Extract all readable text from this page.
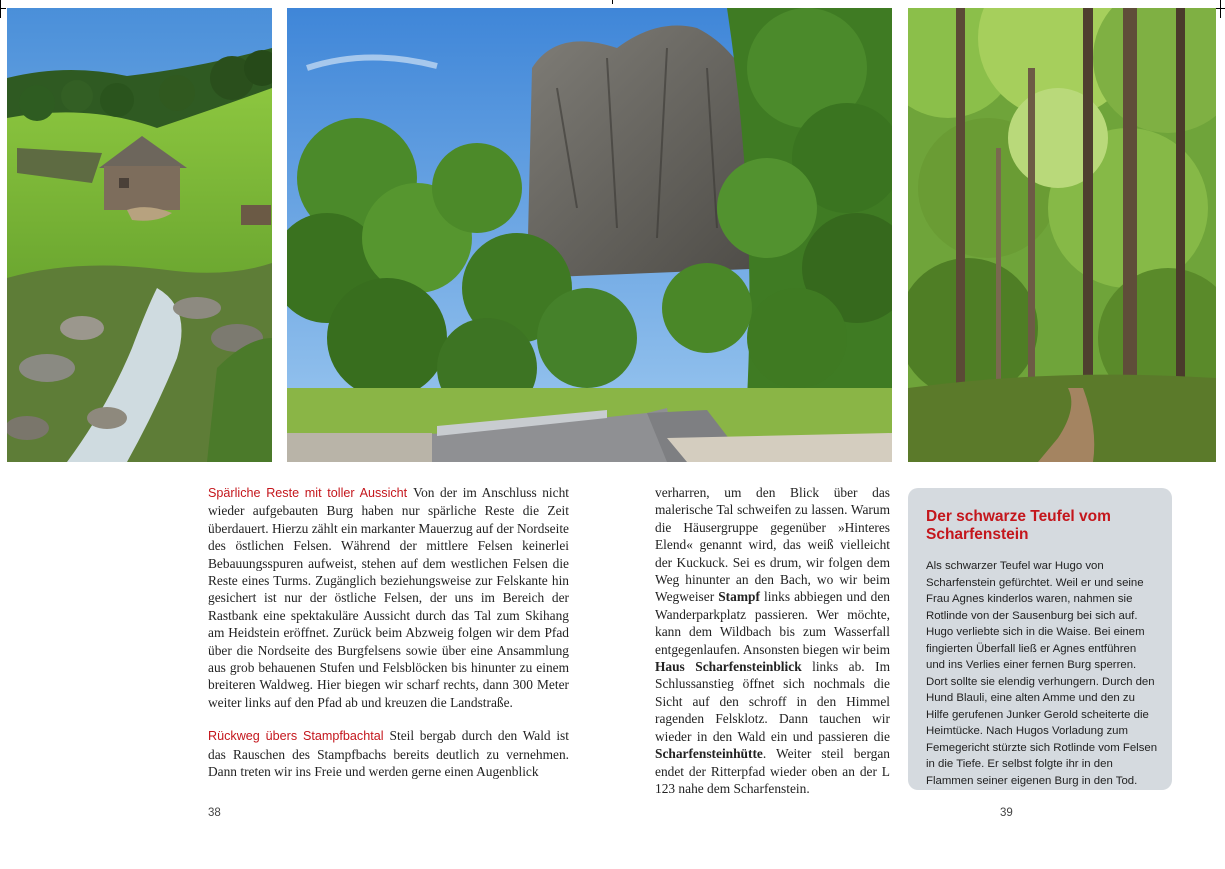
Spärliche Reste mit toller Aussicht Von der im Anschluss nicht wieder aufgebauten Burg haben nur spärliche Reste die Zeit überdauert. Hierzu zählt ein markanter Mauerzug auf der Nordseite des östlichen Felsen. Während der mittlere Felsen keinerlei Bebauungsspuren aufweist, stehen auf dem westlichen Felsen die Reste eines Turms. Zugänglich beziehungsweise zur Felskante hin gesichert ist nur der östliche Felsen, der uns im Bereich der Rastbank eine spektakuläre Aussicht durch das Tal zum Skihang am Heidstein eröffnet. Zurück beim Abzweig folgen wir dem Pfad über die Nordseite des Burgfelsens sowie über eine Ansammlung aus grob behauenen Stufen und Felsblöcken bis hinunter zu einem breiteren Waldweg. Hier biegen wir scharf rechts, dann 300 Meter weiter links auf den Pfad ab und kreuzen die Landstraße.

Rückweg übers Stampfbachtal Steil bergab durch den Wald ist das Rauschen des Stampfbachs bereits deutlich zu vernehmen. Dann treten wir ins Freie und werden gerne einen Augenblick

verharren, um den Blick über das malerische Tal schweifen zu lassen. Warum die Häusergruppe gegenüber »Hinteres Elend« genannt wird, das weiß vielleicht der Kuckuck. Sei es drum, wir folgen dem Weg hinunter an den Bach, wo wir beim Wegweiser Stampf links abbiegen und den Wanderparkplatz passieren. Wer möchte, kann dem Wildbach bis zum Wasserfall entgegenlaufen. Ansonsten biegen wir beim Haus Scharfensteinblick links ab. Im Schlussanstieg öffnet sich nochmals die Sicht auf den schroff in den Himmel ragenden Felsklotz. Dann tauchen wir wieder in den Wald ein und passieren die Scharfensteinhütte. Weiter steil bergan endet der Ritterpfad wieder oben an der L 123 nahe dem Scharfenstein.

Der schwarze Teufel vom Scharfenstein
Als schwarzer Teufel war Hugo von Scharfenstein gefürchtet. Weil er und seine Frau Agnes kinderlos waren, nahmen sie Rotlinde von der Sausenburg bei sich auf. Hugo verliebte sich in die Waise. Bei einem fingierten Überfall ließ er Agnes entführen und ins Verlies einer fernen Burg sperren. Dort sollte sie elendig verhungern. Durch den Hund Blauli, eine alten Amme und den zu Hilfe gerufenen Junker Gerold scheiterte die Heimtücke. Nach Hugos Vorladung zum Femegericht stürzte sich Rotlinde vom Felsen in die Tiefe. Er selbst folgte ihr in den Flammen seiner eigenen Burg in den Tod.
38	39
